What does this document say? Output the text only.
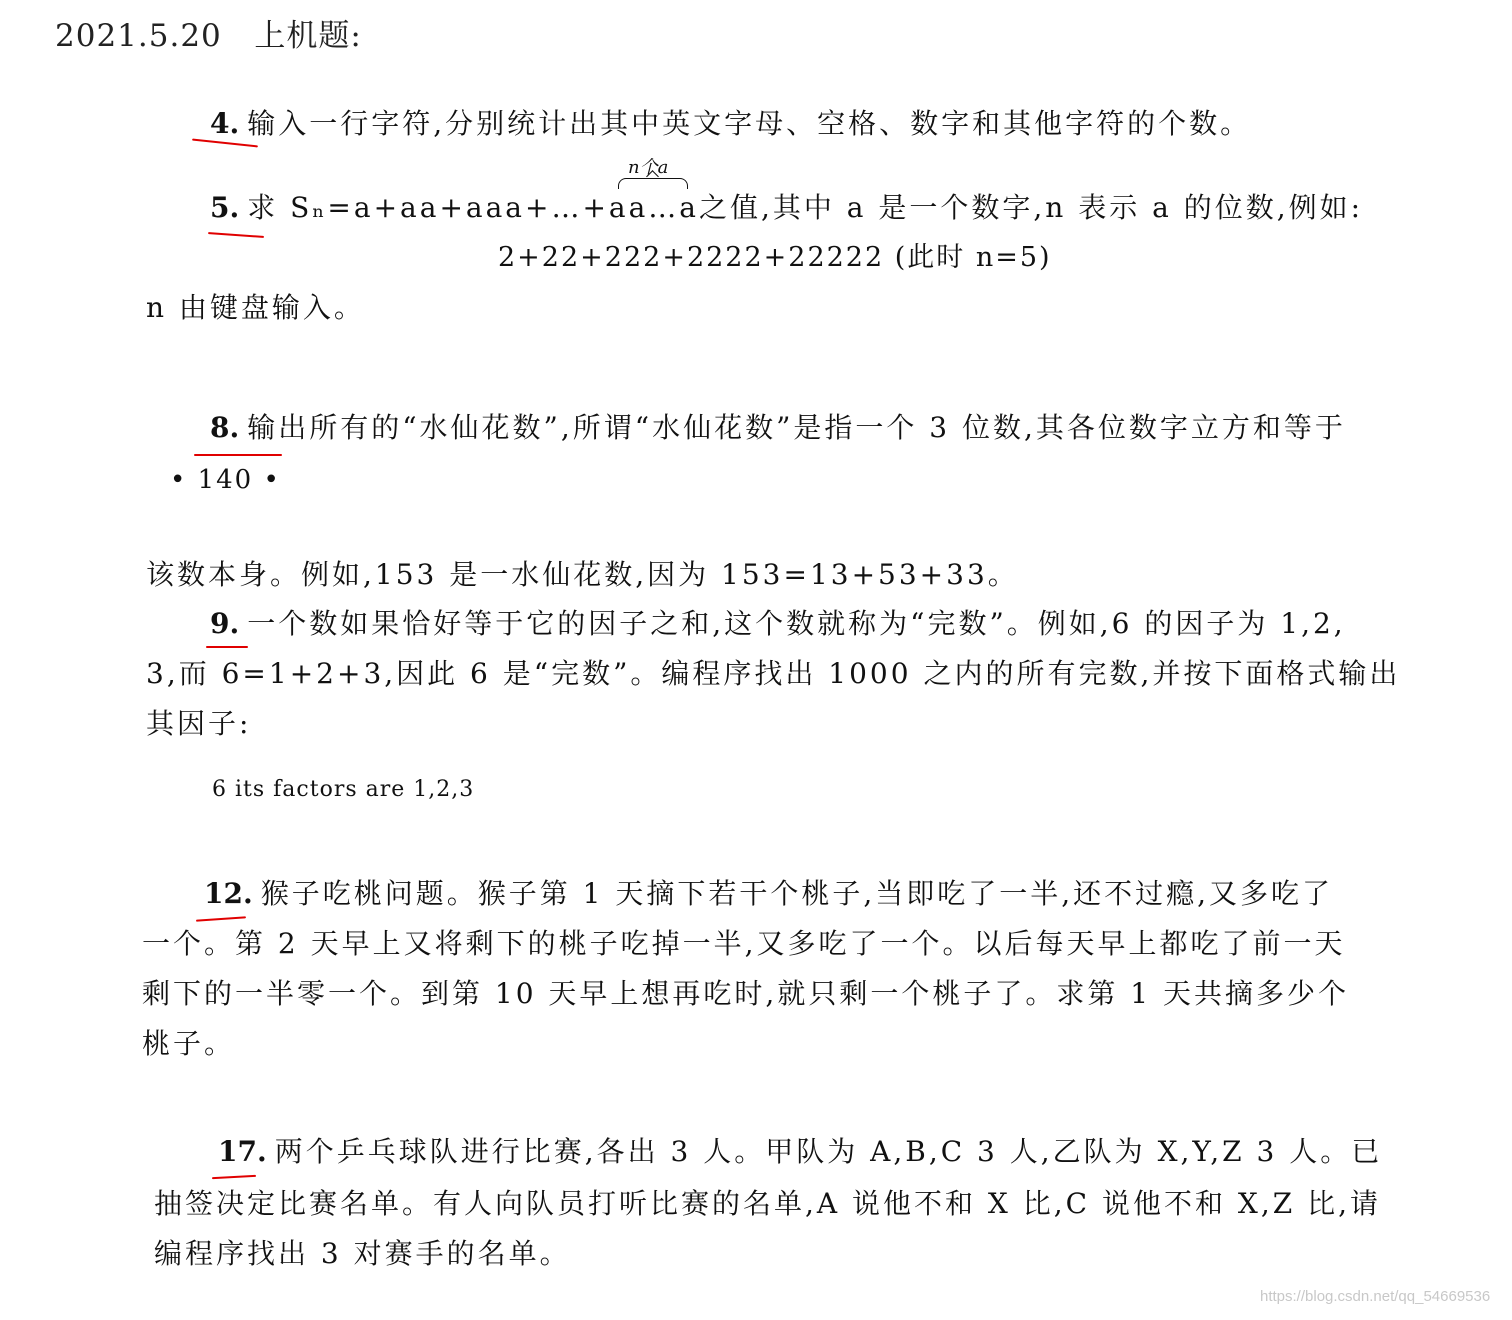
2021.5.20 上机题:
4. 输入一行字符,分别统计出其中英文字母、空格、数字和其他字符的个数。
n个a
5. 求 Sₙ=a+aa+aaa+…+aa…a之值,其中 a 是一个数字,n 表示 a 的位数,例如:
2+22+222+2222+22222 (此时 n=5)
n 由键盘输入。
8. 输出所有的“水仙花数”,所谓“水仙花数”是指一个 3 位数,其各位数字立方和等于
• 140 •
该数本身。例如,153 是一水仙花数,因为 153=13+53+33。
9. 一个数如果恰好等于它的因子之和,这个数就称为“完数”。例如,6 的因子为 1,2,
3,而 6=1+2+3,因此 6 是“完数”。编程序找出 1000 之内的所有完数,并按下面格式输出
其因子:
6 its factors are 1,2,3
12. 猴子吃桃问题。猴子第 1 天摘下若干个桃子,当即吃了一半,还不过瘾,又多吃了
一个。第 2 天早上又将剩下的桃子吃掉一半,又多吃了一个。以后每天早上都吃了前一天
剩下的一半零一个。到第 10 天早上想再吃时,就只剩一个桃子了。求第 1 天共摘多少个
桃子。
17. 两个乒乓球队进行比赛,各出 3 人。甲队为 A,B,C 3 人,乙队为 X,Y,Z 3 人。已
抽签决定比赛名单。有人向队员打听比赛的名单,A 说他不和 X 比,C 说他不和 X,Z 比,请
编程序找出 3 对赛手的名单。
https://blog.csdn.net/qq_54669536
